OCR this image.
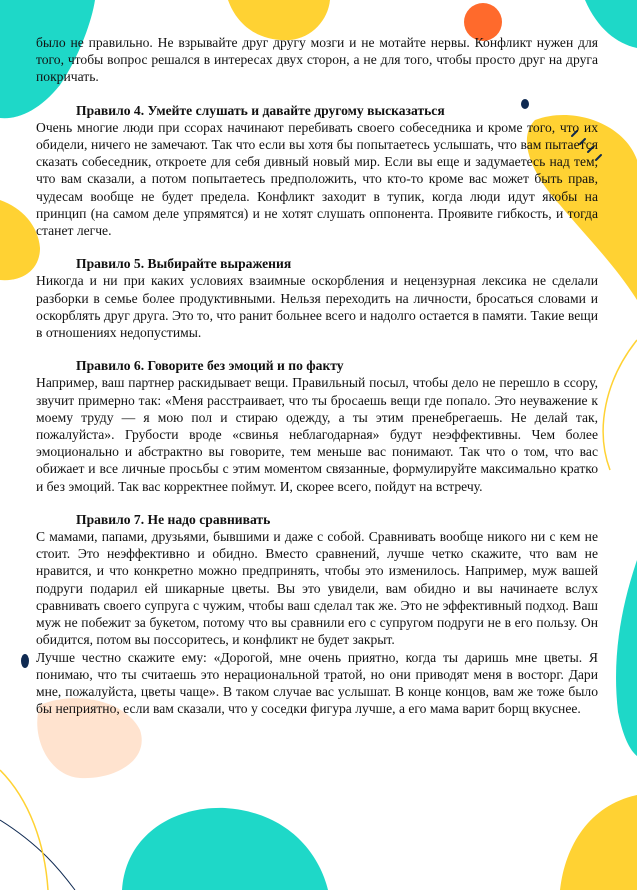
было не правильно. Не взрывайте друг другу мозги и не мотайте нервы. Конфликт нужен для того, чтобы вопрос решался в интересах двух сторон, а не для того, чтобы просто друг на друга покричать.

Правило 4. Умейте слушать и давайте другому высказаться

Очень многие люди при ссорах начинают перебивать своего собеседника и кроме того, что их обидели, ничего не замечают. Так что если вы хотя бы попытаетесь услышать, что вам пытается сказать собеседник, откроете для себя дивный новый мир. Если вы еще и задумаетесь над тем, что вам сказали, а потом попытаетесь предположить, что кто-то кроме вас может быть прав, чудесам вообще не будет предела. Конфликт заходит в тупик, когда люди идут якобы на принцип (на самом деле упрямятся) и не хотят слушать оппонента. Проявите гибкость, и тогда станет легче.

Правило 5. Выбирайте выражения

Никогда и ни при каких условиях взаимные оскорбления и нецензурная лексика не сделали разборки в семье более продуктивными. Нельзя переходить на личности, бросаться словами и оскорблять друг друга. Это то, что ранит больнее всего и надолго остается в памяти. Такие вещи в отношениях недопустимы.

Правило 6. Говорите без эмоций и по факту

Например, ваш партнер раскидывает вещи. Правильный посыл, чтобы дело не перешло в ссору, звучит примерно так: «Меня расстраивает, что ты бросаешь вещи где попало. Это неуважение к моему труду — я мою пол и стираю одежду, а ты этим пренебрегаешь. Не делай так, пожалуйста». Грубости вроде «свинья неблагодарная» будут неэффективны. Чем более эмоционально и абстрактно вы говорите, тем меньше вас понимают. Так что о том, что вас обижает и все личные просьбы с этим моментом связанные, формулируйте максимально кратко и без эмоций. Так вас корректнее поймут. И, скорее всего, пойдут на встречу.

Правило 7. Не надо сравнивать

С мамами, папами, друзьями, бывшими и даже с собой. Сравнивать вообще никого ни с кем не стоит. Это неэффективно и обидно. Вместо сравнений, лучше четко скажите, что вам не нравится, и что конкретно можно предпринять, чтобы это изменилось. Например, муж вашей подруги подарил ей шикарные цветы. Вы это увидели, вам обидно и вы начинаете вслух сравнивать своего супруга с чужим, чтобы ваш сделал так же. Это не эффективный подход. Ваш муж не побежит за букетом, потому что вы сравнили его с супругом подруги не в его пользу. Он обидится, потом вы поссоритесь, и конфликт не будет закрыт.

Лучше честно скажите ему: «Дорогой, мне очень приятно, когда ты даришь мне цветы. Я понимаю, что ты считаешь это нерациональной тратой, но они приводят меня в восторг. Дари мне, пожалуйста, цветы чаще». В таком случае вас услышат. В конце концов, вам же тоже было бы неприятно, если вам сказали, что у соседки фигура лучше, а его мама варит борщ вкуснее.
